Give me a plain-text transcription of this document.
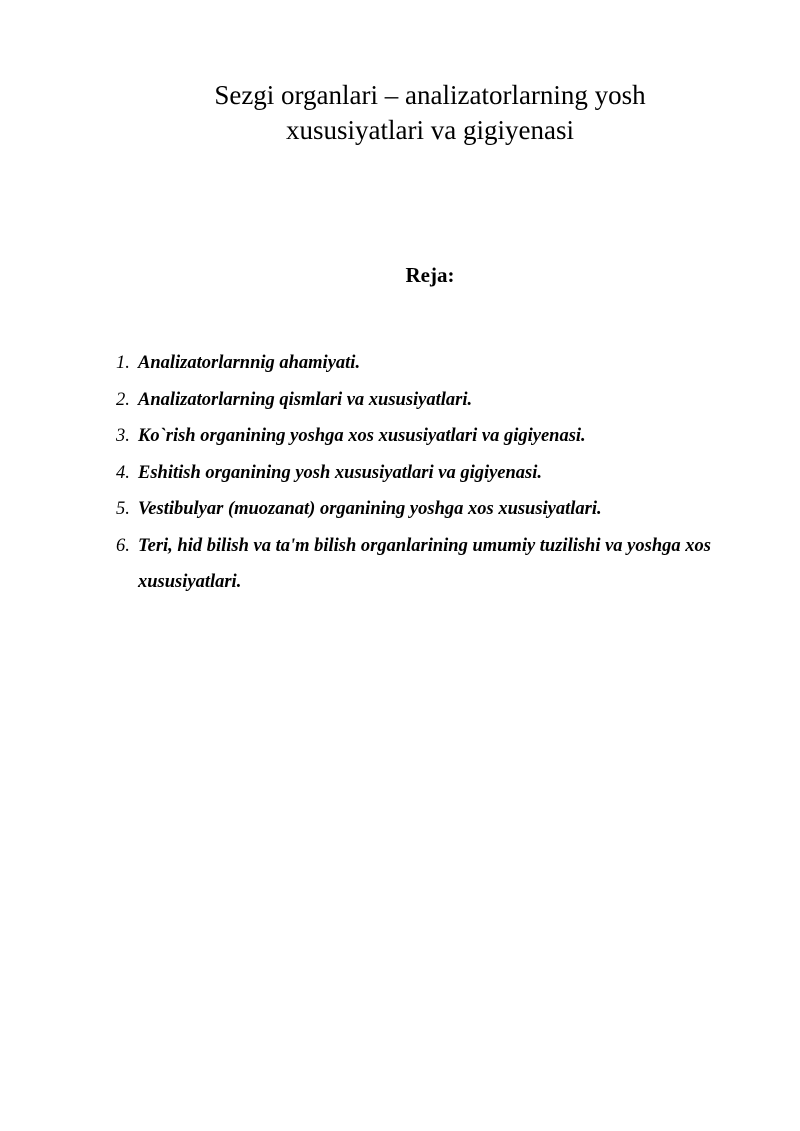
Sezgi organlari – analizatorlarning yosh
xususiyatlari va gigiyenasi
Reja:
1. Analizatorlarnnig ahamiyati.
2. Analizatorlarning qismlari va xususiyatlari.
3. Ko`rish organining yoshga xos xususiyatlari va gigiyenasi.
4. Eshitish organining yosh xususiyatlari va gigiyenasi.
5. Vestibulyar (muozanat) organining yoshga xos xususiyatlari.
6. Teri, hid bilish va ta'm bilish organlarining umumiy tuzilishi va yoshga xos   xususiyatlari.
